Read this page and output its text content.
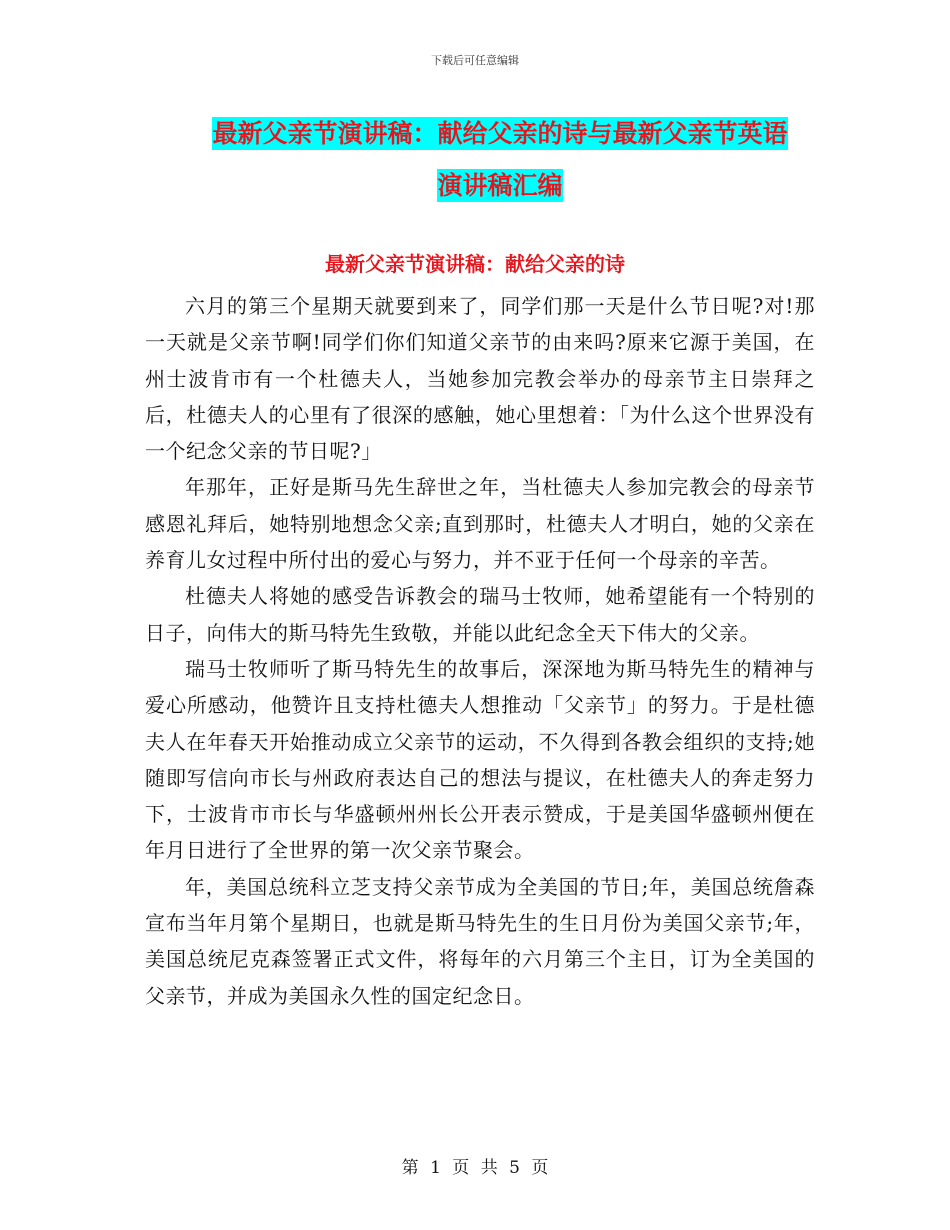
下载后可任意编辑
最新父亲节演讲稿：献给父亲的诗与最新父亲节英语
演讲稿汇编
最新父亲节演讲稿：献给父亲的诗

六月的第三个星期天就要到来了，同学们那一天是什么节日呢?对!那一天就是父亲节啊!同学们你们知道父亲节的由来吗?原来它源于美国，在州士波肯市有一个杜德夫人，当她参加完教会举办的母亲节主日崇拜之后，杜德夫人的心里有了很深的感触，她心里想着：「为什么这个世界没有一个纪念父亲的节日呢?」

年那年，正好是斯马先生辞世之年，当杜德夫人参加完教会的母亲节感恩礼拜后，她特别地想念父亲;直到那时，杜德夫人才明白，她的父亲在养育儿女过程中所付出的爱心与努力，并不亚于任何一个母亲的辛苦。

杜德夫人将她的感受告诉教会的瑞马士牧师，她希望能有一个特别的日子，向伟大的斯马特先生致敬，并能以此纪念全天下伟大的父亲。

瑞马士牧师听了斯马特先生的故事后，深深地为斯马特先生的精神与爱心所感动，他赞许且支持杜德夫人想推动「父亲节」的努力。于是杜德夫人在年春天开始推动成立父亲节的运动，不久得到各教会组织的支持;她随即写信向市长与州政府表达自己的想法与提议，在杜德夫人的奔走努力下，士波肯市市长与华盛顿州州长公开表示赞成，于是美国华盛顿州便在年月日进行了全世界的第一次父亲节聚会。

年，美国总统科立芝支持父亲节成为全美国的节日;年，美国总统詹森宣布当年月第个星期日，也就是斯马特先生的生日月份为美国父亲节;年，美国总统尼克森签署正式文件，将每年的六月第三个主日，订为全美国的父亲节，并成为美国永久性的国定纪念日。

第 1 页 共 5 页
